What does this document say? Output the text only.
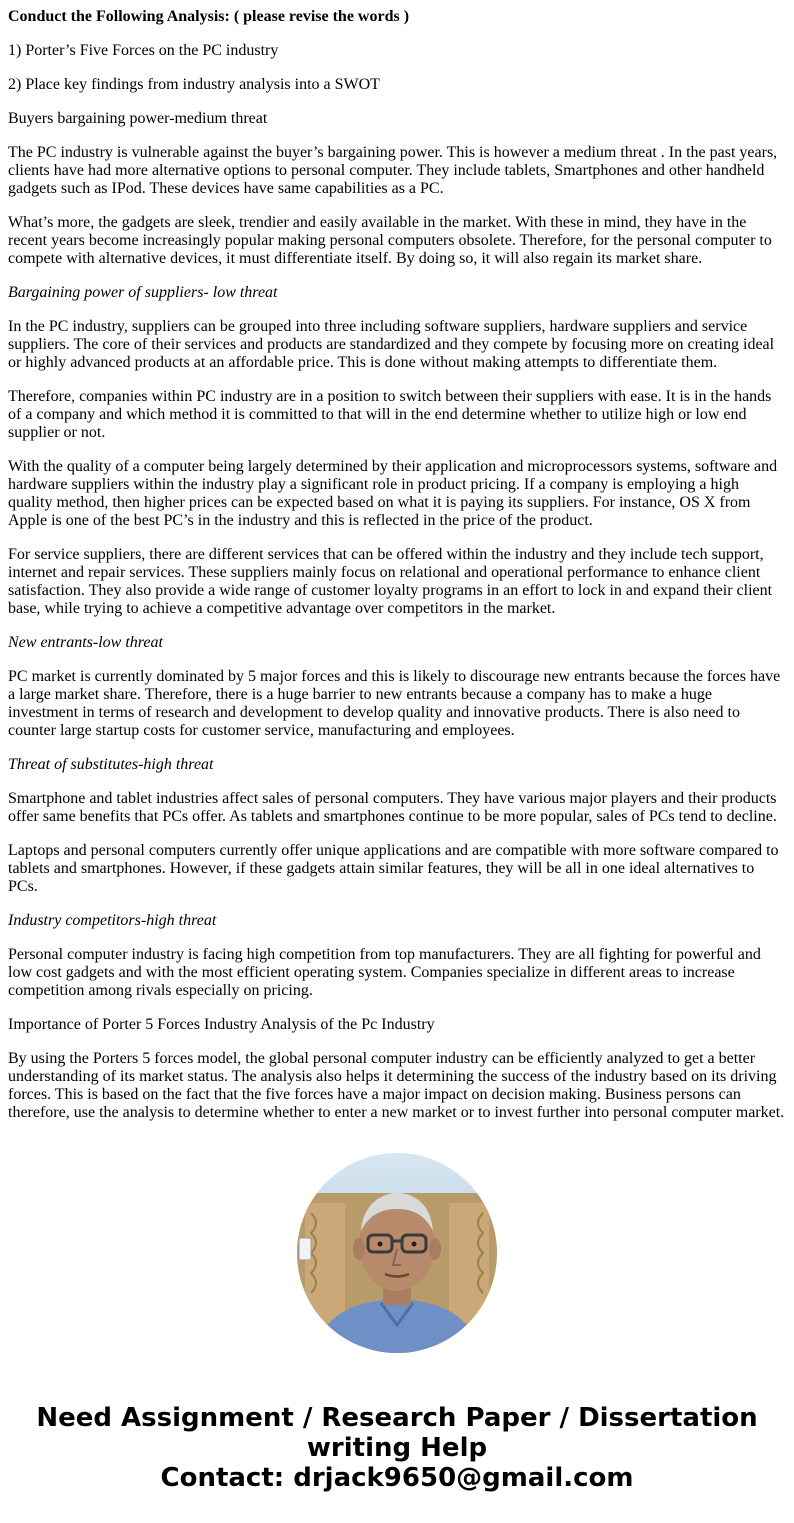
Conduct the Following Analysis: ( please revise the words )

1) Porter’s Five Forces on the PC industry

2) Place key findings from industry analysis into a SWOT

Buyers bargaining power-medium threat

The PC industry is vulnerable against the buyer’s bargaining power. This is however a medium threat . In the past years, clients have had more alternative options to personal computer. They include tablets, Smartphones and other handheld gadgets such as IPod. These devices have same capabilities as a PC.

What’s more, the gadgets are sleek, trendier and easily available in the market. With these in mind, they have in the recent years become increasingly popular making personal computers obsolete. Therefore, for the personal computer to compete with alternative devices, it must differentiate itself. By doing so, it will also regain its market share.

Bargaining power of suppliers- low threat

In the PC industry, suppliers can be grouped into three including software suppliers, hardware suppliers and service suppliers. The core of their services and products are standardized and they compete by focusing more on creating ideal or highly advanced products at an affordable price. This is done without making attempts to differentiate them.

Therefore, companies within PC industry are in a position to switch between their suppliers with ease. It is in the hands of a company and which method it is committed to that will in the end determine whether to utilize high or low end supplier or not.

With the quality of a computer being largely determined by their application and microprocessors systems, software and hardware suppliers within the industry play a significant role in product pricing. If a company is employing a high quality method, then higher prices can be expected based on what it is paying its suppliers. For instance, OS X from Apple is one of the best PC’s in the industry and this is reflected in the price of the product.

For service suppliers, there are different services that can be offered within the industry and they include tech support, internet and repair services. These suppliers mainly focus on relational and operational performance to enhance client satisfaction. They also provide a wide range of customer loyalty programs in an effort to lock in and expand their client base, while trying to achieve a competitive advantage over competitors in the market.

New entrants-low threat

PC market is currently dominated by 5 major forces and this is likely to discourage new entrants because the forces have a large market share. Therefore, there is a huge barrier to new entrants because a company has to make a huge investment in terms of research and development to develop quality and innovative products. There is also need to counter large startup costs for customer service, manufacturing and employees.

Threat of substitutes-high threat

Smartphone and tablet industries affect sales of personal computers. They have various major players and their products offer same benefits that PCs offer. As tablets and smartphones continue to be more popular, sales of PCs tend to decline.

Laptops and personal computers currently offer unique applications and are compatible with more software compared to tablets and smartphones. However, if these gadgets attain similar features, they will be all in one ideal alternatives to PCs.

Industry competitors-high threat

Personal computer industry is facing high competition from top manufacturers. They are all fighting for powerful and low cost gadgets and with the most efficient operating system. Companies specialize in different areas to increase competition among rivals especially on pricing.

Importance of Porter 5 Forces Industry Analysis of the Pc Industry

By using the Porters 5 forces model, the global personal computer industry can be efficiently analyzed to get a better understanding of its market status. The analysis also helps it determining the success of the industry based on its driving forces. This is based on the fact that the five forces have a major impact on decision making. Business persons can therefore, use the analysis to determine whether to enter a new market or to invest further into personal computer market.

Need Assignment / Research Paper / Dissertation
writing Help
Contact: drjack9650@gmail.com
